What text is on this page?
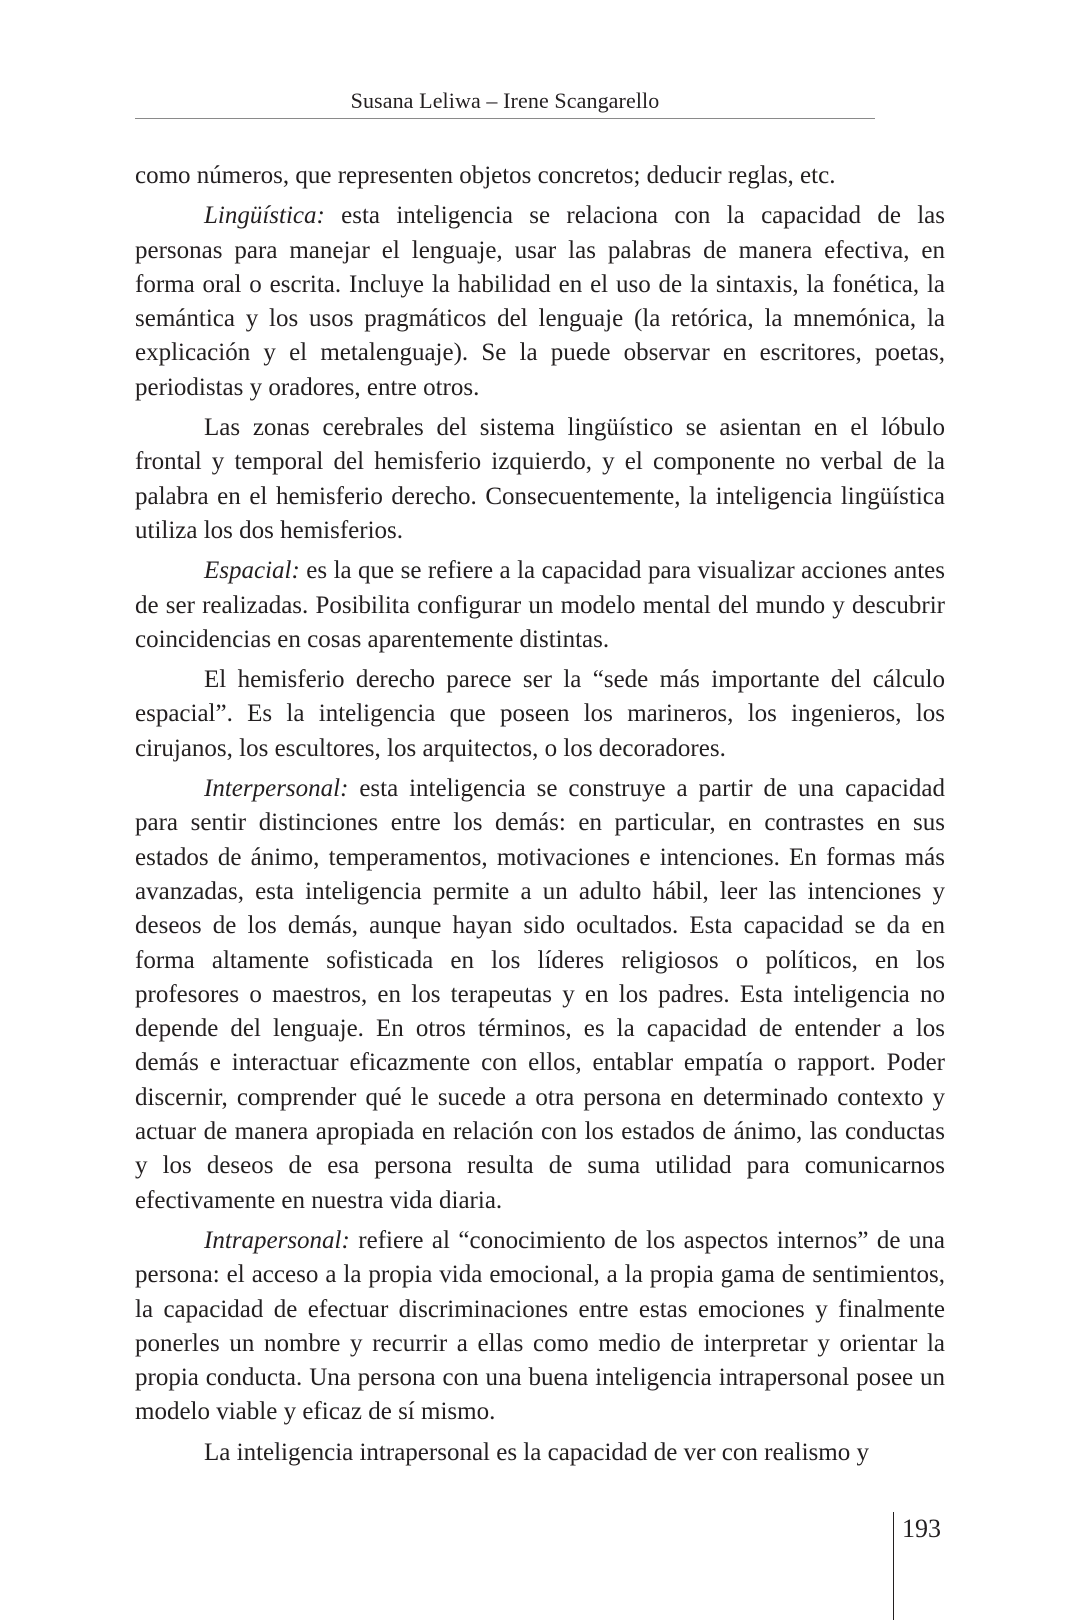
Susana Leliwa – Irene Scangarello

como números, que representen objetos concretos; deducir reglas, etc.

Lingüística: esta inteligencia se relaciona con la capacidad de las personas para manejar el lenguaje, usar las palabras de manera efectiva, en forma oral o escrita. Incluye la habilidad en el uso de la sintaxis, la fonética, la semántica y los usos pragmáticos del lenguaje (la retórica, la mnemónica, la explicación y el metalenguaje). Se la puede observar en escritores, poetas, periodistas y oradores, entre otros.

Las zonas cerebrales del sistema lingüístico se asientan en el lóbulo frontal y temporal del hemisferio izquierdo, y el componente no verbal de la palabra en el hemisferio derecho. Consecuentemente, la inteligencia lingüística utiliza los dos hemisferios.

Espacial: es la que se refiere a la capacidad para visualizar acciones antes de ser realizadas. Posibilita configurar un modelo mental del mundo y descubrir coincidencias en cosas aparentemente distintas.

El hemisferio derecho parece ser la “sede más importante del cálculo espacial”. Es la inteligencia que poseen los marineros, los ingenieros, los cirujanos, los escultores, los arquitectos, o los decoradores.

Interpersonal: esta inteligencia se construye a partir de una capacidad para sentir distinciones entre los demás: en particular, en contrastes en sus estados de ánimo, temperamentos, motivaciones e intenciones. En formas más avanzadas, esta inteligencia permite a un adulto hábil, leer las intenciones y deseos de los demás, aunque hayan sido ocultados. Esta capacidad se da en forma altamente sofisticada en los líderes religiosos o políticos, en los profesores o maestros, en los terapeutas y en los padres. Esta inteligencia no depende del lenguaje. En otros términos, es la capacidad de entender a los demás e interactuar eficazmente con ellos, entablar empatía o rapport. Poder discernir, comprender qué le sucede a otra persona en determinado contexto y actuar de manera apropiada en relación con los estados de ánimo, las conductas y los deseos de esa persona resulta de suma utilidad para comunicarnos efectivamente en nuestra vida diaria.

Intrapersonal: refiere al “conocimiento de los aspectos internos” de una persona: el acceso a la propia vida emocional, a la propia gama de sentimientos, la capacidad de efectuar discriminaciones entre estas emociones y finalmente ponerles un nombre y recurrir a ellas como medio de interpretar y orientar la propia conducta. Una persona con una buena inteligencia intrapersonal posee un modelo viable y eficaz de sí mismo.

La inteligencia intrapersonal es la capacidad de ver con realismo y

193
